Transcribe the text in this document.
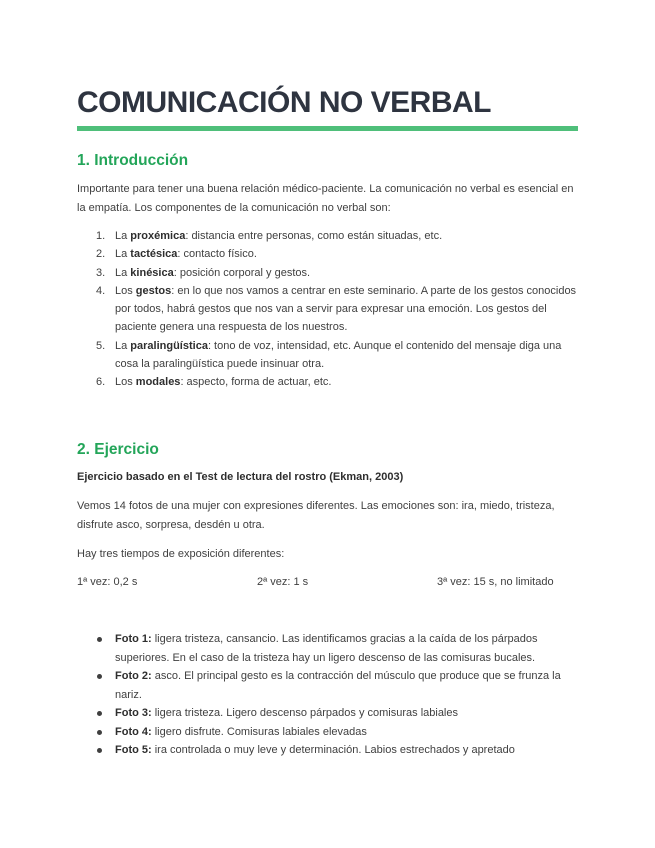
COMUNICACIÓN NO VERBAL
1. Introducción

Importante para tener una buena relación médico-paciente. La comunicación no verbal es esencial en la empatía. Los componentes de la comunicación no verbal son:

1. La proxémica: distancia entre personas, como están situadas, etc.
2. La tactésica: contacto físico.
3. La kinésica: posición corporal y gestos.
4. Los gestos: en lo que nos vamos a centrar en este seminario. A parte de los gestos conocidos por todos, habrá gestos que nos van a servir para expresar una emoción. Los gestos del paciente genera una respuesta de los nuestros.
5. La paralingüística: tono de voz, intensidad, etc. Aunque el contenido del mensaje diga una cosa la paralingüística puede insinuar otra.
6. Los modales: aspecto, forma de actuar, etc.
2. Ejercicio

Ejercicio basado en el Test de lectura del rostro (Ekman, 2003)

Vemos 14 fotos de una mujer con expresiones diferentes. Las emociones son: ira, miedo, tristeza, disfrute asco, sorpresa, desdén u otra.

Hay tres tiempos de exposición diferentes:

1ª vez: 0,2 s	2ª vez: 1 s	3ª vez: 15 s, no limitado
Foto 1: ligera tristeza, cansancio. Las identificamos gracias a la caída de los párpados superiores. En el caso de la tristeza hay un ligero descenso de las comisuras bucales.
Foto 2: asco. El principal gesto es la contracción del músculo que produce que se frunza la nariz.
Foto 3: ligera tristeza. Ligero descenso párpados y comisuras labiales
Foto 4: ligero disfrute. Comisuras labiales elevadas
Foto 5: ira controlada o muy leve y determinación. Labios estrechados y apretado
